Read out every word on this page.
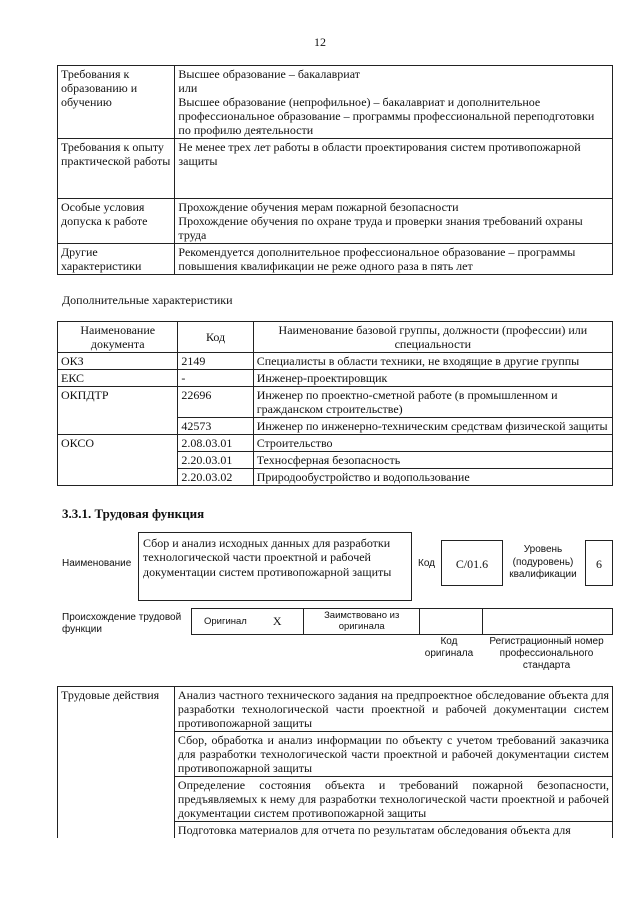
12
Требования к образованию и обучению	Высшее образование – бакалавриат
или
Высшее образование (непрофильное) – бакалавриат и дополнительное профессиональное образование – программы профессиональной переподготовки по профилю деятельности

Требования к опыту практической работы	Не менее трех лет работы в области проектирования систем противопожарной защиты

Особые условия допуска к работе	Прохождение обучения мерам пожарной безопасности
Прохождение обучения по охране труда и проверки знания требований охраны труда

Другие характеристики	Рекомендуется дополнительное профессиональное образование – программы повышения квалификации не реже одного раза в пять лет
Дополнительные характеристики
Наименование документа	Код	Наименование базовой группы, должности (профессии) или специальности
ОКЗ	2149	Специалисты в области техники, не входящие в другие группы
ЕКС	-	Инженер-проектировщик
ОКПДТР	22696	Инженер по проектно-сметной работе (в промышленном и гражданском строительстве)
	42573	Инженер по инженерно-техническим средствам физической защиты
ОКСО	2.08.03.01	Строительство
	2.20.03.01	Техносферная безопасность
	2.20.03.02	Природообустройство и водопользование
3.3.1. Трудовая функция
Наименование
Сбор и анализ исходных данных для разработки технологической части проектной и рабочей документации систем противопожарной защиты
Код	C/01.6
Уровень (подуровень) квалификации
6
Происхождение трудовой функции
Оригинал	X	Заимствовано из оригинала		
Код оригинала
Регистрационный номер профессионального стандарта
Трудовые действия	Анализ частного технического задания на предпроектное обследование объекта для разработки технологической части проектной и рабочей документации систем противопожарной защиты
Сбор, обработка и анализ информации по объекту с учетом требований заказчика для разработки технологической части проектной и рабочей документации систем противопожарной защиты
Определение состояния объекта и требований пожарной безопасности, предъявляемых к нему для разработки технологической части проектной и рабочей документации систем противопожарной защиты
Подготовка материалов для отчета по результатам обследования объекта для
